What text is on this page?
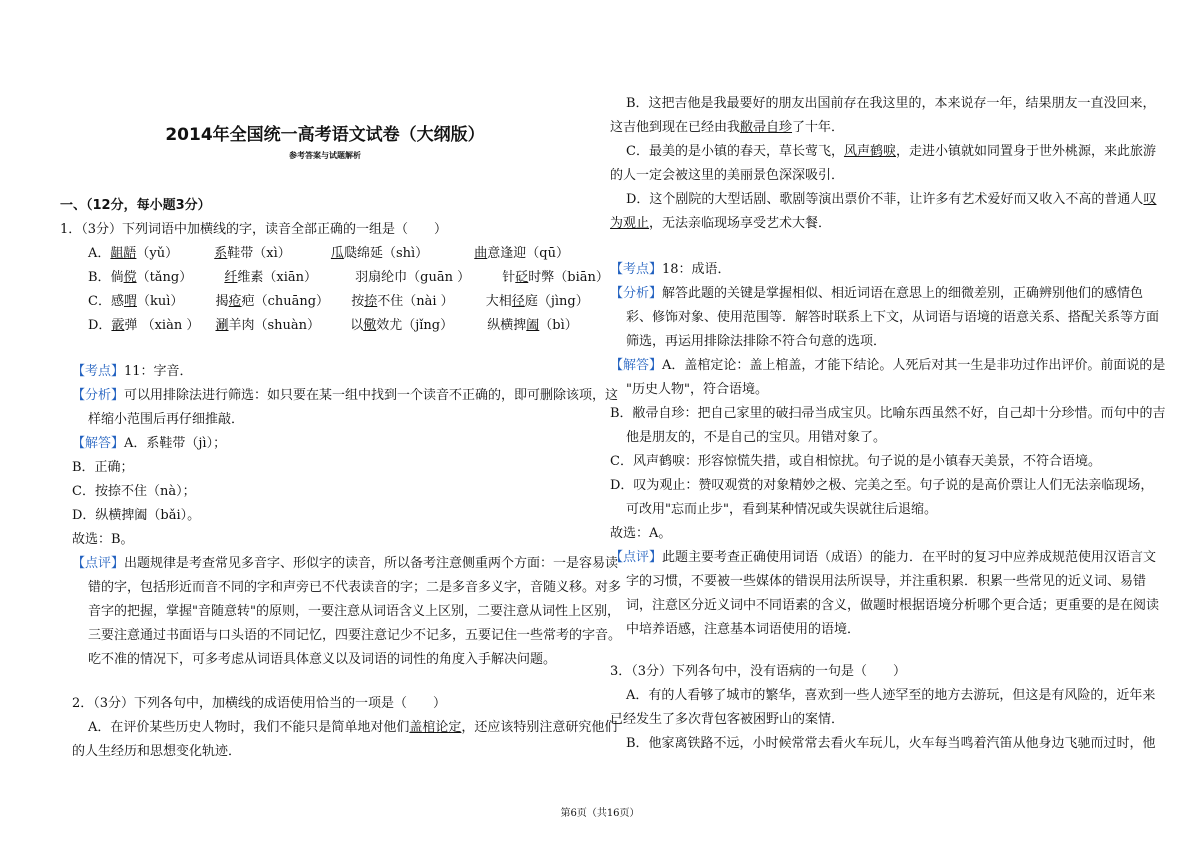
2014年全国统一高考语文试卷（大纲版）
参考答案与试题解析
一、（12分，每小题3分）
1．（3分）下列词语中加横线的字，读音全部正确的一组是（　　）
A．龃龉（yǔ）	系鞋带（xì）	瓜瓞绵延（shì）	曲意逢迎（qū）
B．倘傥（tǎng） 纤维素（xiān）	羽扇纶巾（guān ） 针砭时弊（biān）
C．感喟（kuì） 揭疮疤（chuāng） 按捺不住（nài ） 大相径庭（jìng）
D．霰弹 （xiàn ） 涮羊肉（shuàn） 以儆效尤（jǐng）	纵横捭阖（bì）
【考点】11：字音．
【分析】可以用排除法进行筛选：如只要在某一组中找到一个读音不正确的，即可删除该项，这
样缩小范围后再仔细推敲．
【解答】A．系鞋带（jì）；
B．正确；
C．按捺不住（nà）；
D．纵横捭阖（bǎi）。
故选：B。
【点评】出题规律是考查常见多音字、形似字的读音，所以备考注意侧重两个方面：一是容易读
错的字，包括形近而音不同的字和声旁已不代表读音的字；二是多音多义字，音随义移。对多
音字的把握，掌握"音随意转"的原则，一要注意从词语含义上区别，二要注意从词性上区别，
三要注意通过书面语与口头语的不同记忆，四要注意记少不记多，五要记住一些常考的字音。
吃不准的情况下，可多考虑从词语具体意义以及词语的词性的角度入手解决问题。
2．（3分）下列各句中，加横线的成语使用恰当的一项是（　　）
A．在评价某些历史人物时，我们不能只是简单地对他们盖棺论定，还应该特别注意研究他们
的人生经历和思想变化轨迹．
B．这把吉他是我最要好的朋友出国前存在我这里的，本来说存一年，结果朋友一直没回来，
这吉他到现在已经由我敝帚自珍了十年．
C．最美的是小镇的春天，草长莺飞，风声鹤唳，走进小镇就如同置身于世外桃源，来此旅游
的人一定会被这里的美丽景色深深吸引．
D．这个剧院的大型话剧、歌剧等演出票价不菲，让许多有艺术爱好而又收入不高的普通人叹
为观止，无法亲临现场享受艺术大餐．
【考点】18：成语．
【分析】解答此题的关键是掌握相似、相近词语在意思上的细微差别，正确辨别他们的感情色
彩、修饰对象、使用范围等．解答时联系上下文，从词语与语境的语意关系、搭配关系等方面
筛选，再运用排除法排除不符合句意的选项．
【解答】A．盖棺定论：盖上棺盖，才能下结论。人死后对其一生是非功过作出评价。前面说的是
"历史人物"，符合语境。
B．敝帚自珍：把自己家里的破扫帚当成宝贝。比喻东西虽然不好，自己却十分珍惜。而句中的吉
他是朋友的，不是自己的宝贝。用错对象了。
C．风声鹤唳：形容惊慌失措，或自相惊扰。句子说的是小镇春天美景，不符合语境。
D．叹为观止：赞叹观赏的对象精妙之极、完美之至。句子说的是高价票让人们无法亲临现场，
可改用"忘而止步"，看到某种情况或失误就往后退缩。
故选：A。
【点评】此题主要考查正确使用词语（成语）的能力．在平时的复习中应养成规范使用汉语言文
字的习惯，不要被一些媒体的错误用法所误导，并注重积累．积累一些常见的近义词、易错
词，注意区分近义词中不同语素的含义，做题时根据语境分析哪个更合适；更重要的是在阅读
中培养语感，注意基本词语使用的语境．
3．（3分）下列各句中，没有语病的一句是（　　）
A．有的人看够了城市的繁华，喜欢到一些人迹罕至的地方去游玩，但这是有风险的，近年来
已经发生了多次背包客被困野山的案情．
B．他家离铁路不远，小时候常常去看火车玩儿，火车每当鸣着汽笛从他身边飞驰而过时，他
第6页（共16页）
